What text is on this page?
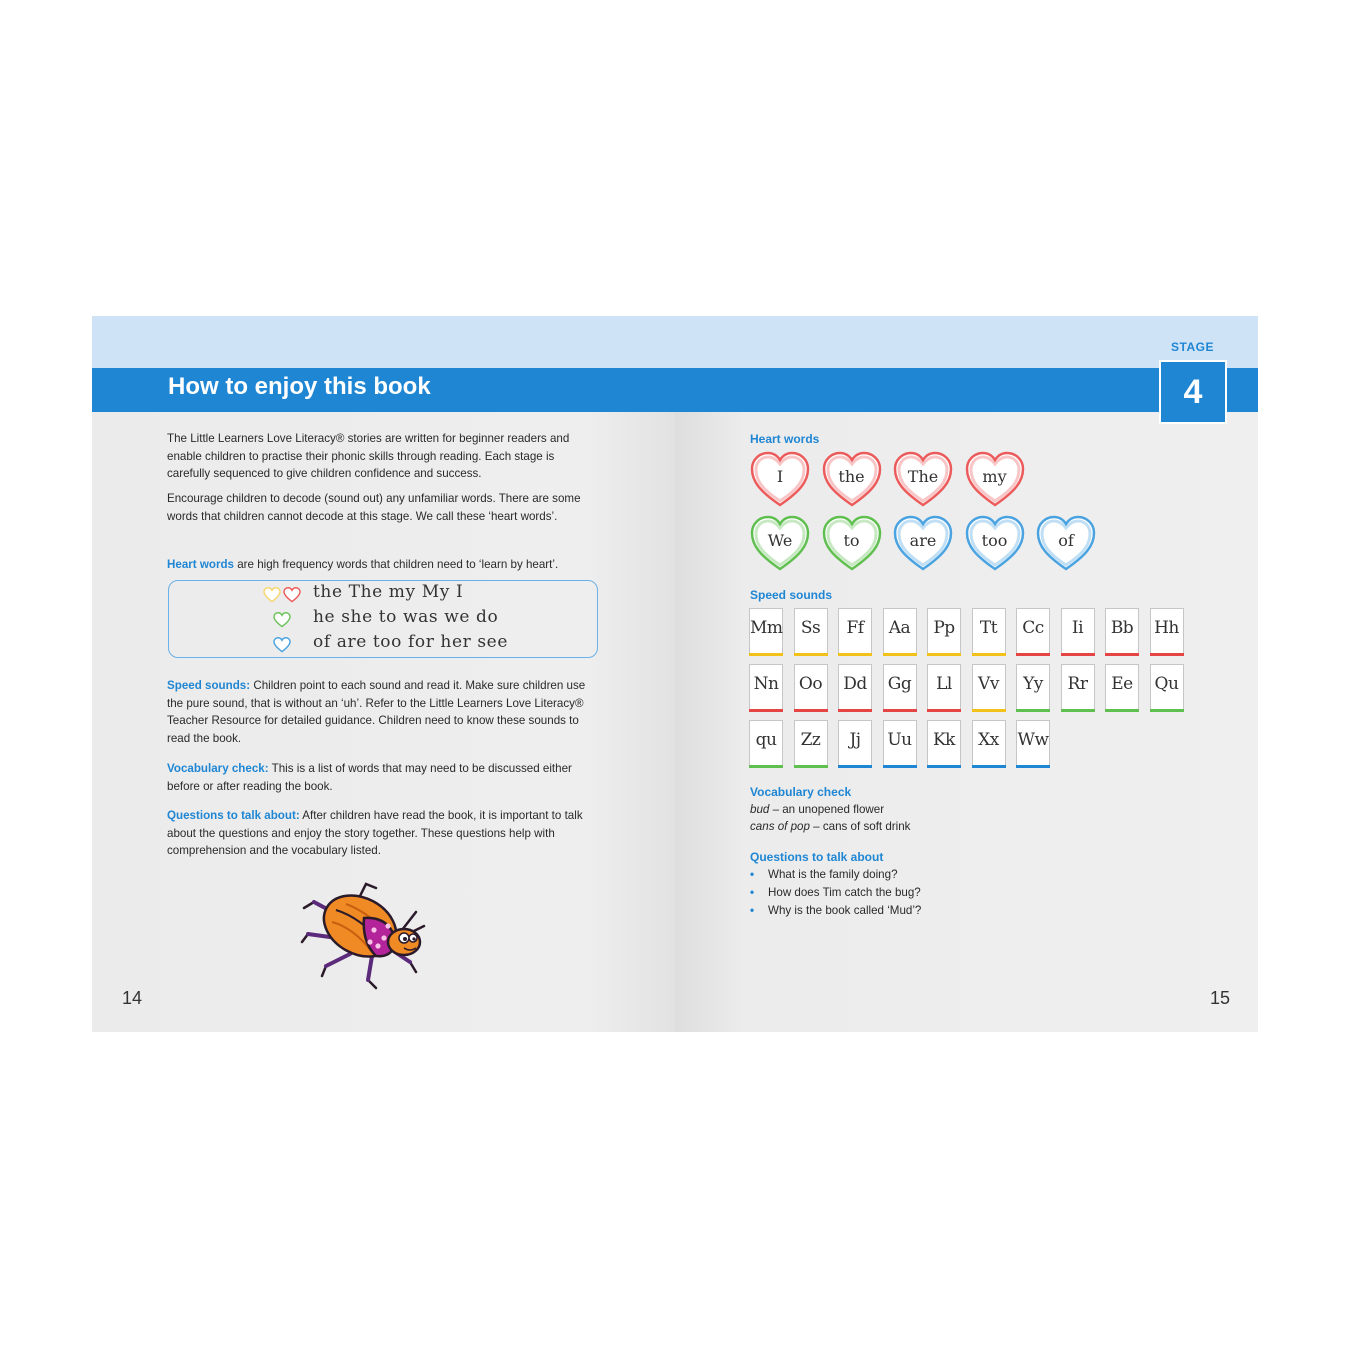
How to enjoy this book

The Little Learners Love Literacy® stories are written for beginner readers and enable children to practise their phonic skills through reading. Each stage is carefully sequenced to give children confidence and success.

Encourage children to decode (sound out) any unfamiliar words. There are some words that children cannot decode at this stage. We call these ‘heart words’.

Heart words are high frequency words that children need to ‘learn by heart’.

the The my My I
he she to was we do
of are too for her see

Speed sounds: Children point to each sound and read it. Make sure children use the pure sound, that is without an ‘uh’. Refer to the Little Learners Love Literacy® Teacher Resource for detailed guidance. Children need to know these sounds to read the book.

Vocabulary check: This is a list of words that may need to be discussed either before or after reading the book.

Questions to talk about: After children have read the book, it is important to talk about the questions and enjoy the story together. These questions help with comprehension and the vocabulary listed.

14
STAGE
4
Heart words
I	the	The	my
We	to	are	too	of
Speed sounds
Mm	Ss	Ff	Aa	Pp	Tt	Cc	Ii	Bb Hh
Nn Oo Dd Gg	Ll	Vv	Yy	Rr	Ee	Qu
qu	Zz	Jj	Uu Kk	Xx	Ww
Vocabulary check
bud – an unopened flower
cans of pop – cans of soft drink
Questions to talk about
• What is the family doing?
• How does Tim catch the bug?
• Why is the book called ‘Mud’?
15
